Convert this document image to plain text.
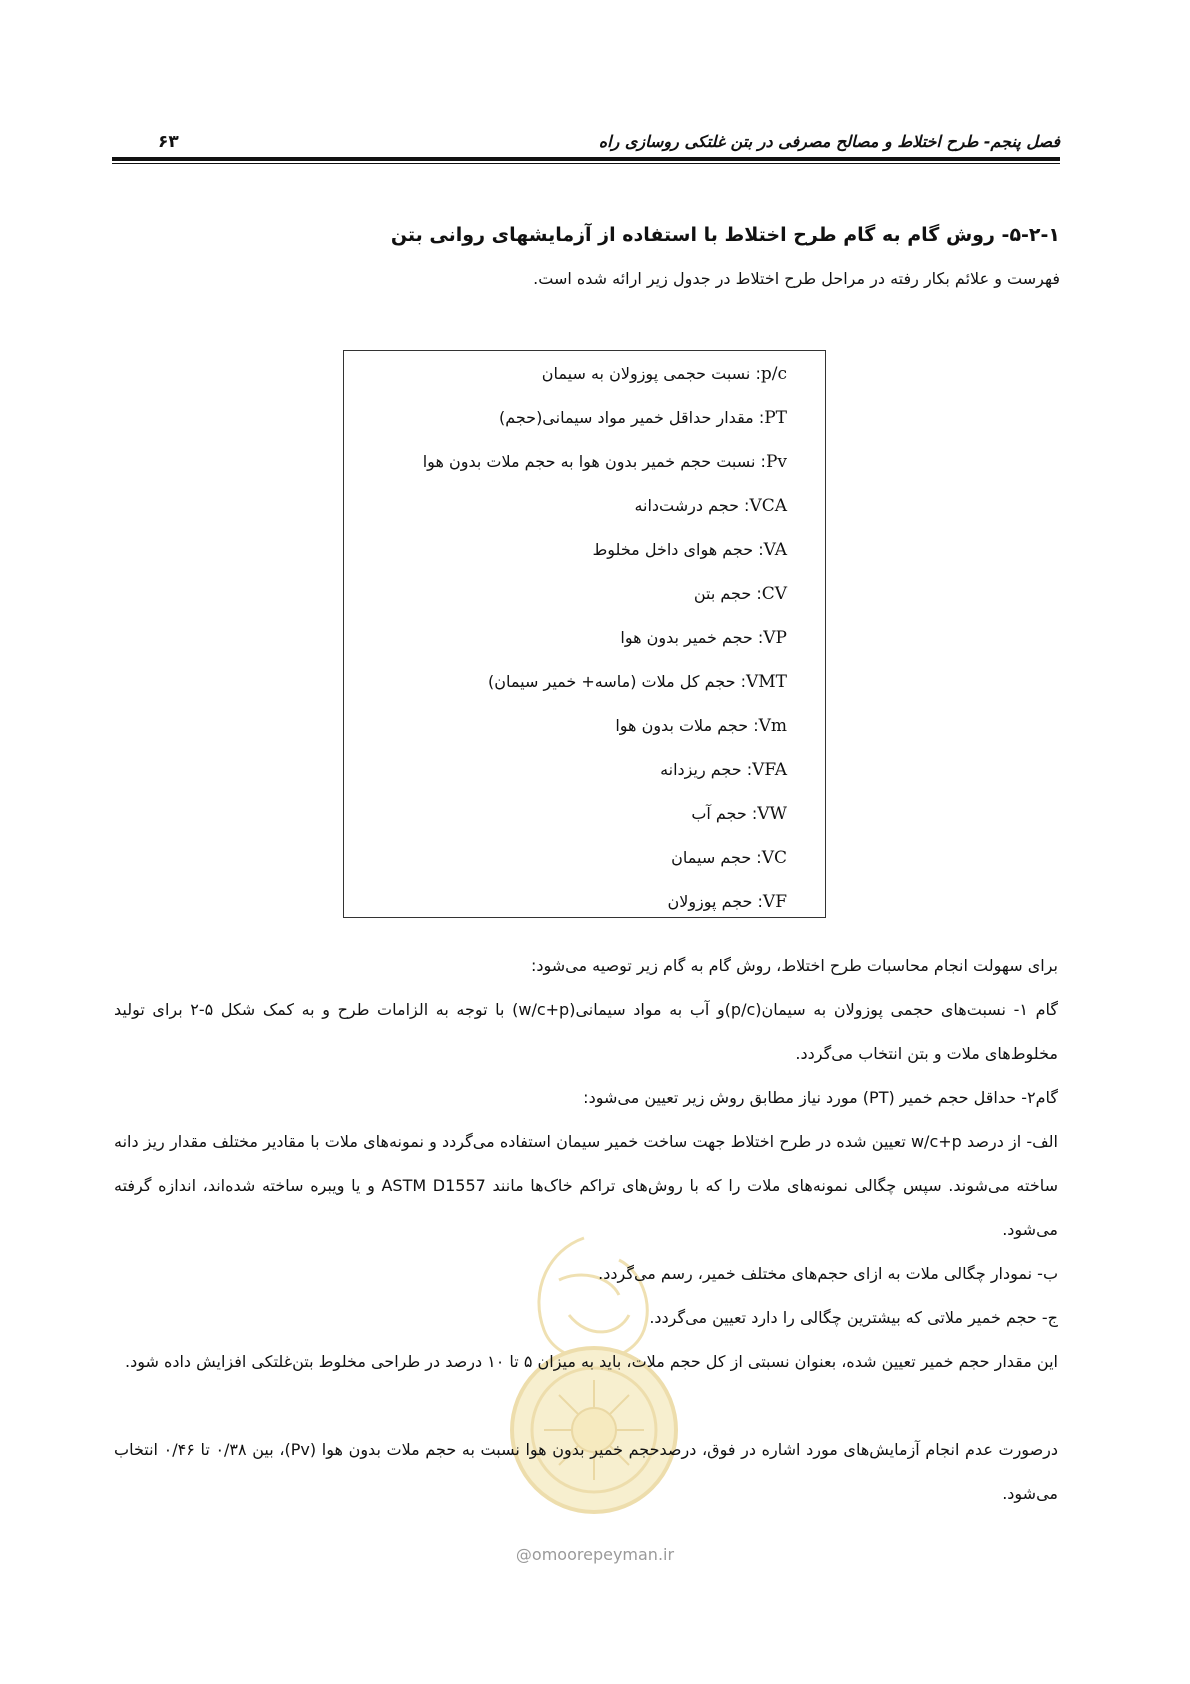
فصل پنجم- طرح اختلاط و مصالح مصرفی در بتن غلتکی روسازی راه
۶۳
۵-۲-۱- روش گام به گام طرح اختلاط با استفاده از آزمایشهای روانی بتن
فهرست و علائم بکار رفته در مراحل طرح اختلاط در جدول زیر ارائه شده است.
p/c: نسبت حجمی پوزولان به سیمان
PT: مقدار حداقل خمیر مواد سیمانی(حجم)
Pv: نسبت حجم خمیر بدون هوا به حجم ملات بدون هوا
VCA: حجم درشت‌دانه
VA: حجم هوای داخل مخلوط
CV: حجم بتن
VP: حجم خمیر بدون هوا
VMT: حجم کل ملات (ماسه+ خمیر سیمان)
Vm: حجم ملات بدون هوا
VFA: حجم ریزدانه
VW: حجم آب
VC: حجم سیمان
VF: حجم پوزولان

برای سهولت انجام محاسبات طرح اختلاط، روش گام به گام زیر توصیه می‌شود:

گام ۱- نسبت‌های حجمی پوزولان به سیمان(p/c)و آب به مواد سیمانی(w/c+p) با توجه به الزامات طرح و به کمک شکل ۵-۲ برای تولید مخلوط‌های ملات و بتن انتخاب می‌گردد.

گام۲- حداقل حجم خمیر (PT) مورد نیاز مطابق روش زیر تعیین می‌شود:

الف- از درصد w/c+p تعیین شده در طرح اختلاط جهت ساخت خمیر سیمان استفاده می‌گردد و نمونه‌های ملات با مقادیر مختلف مقدار ریز دانه ساخته می‌شوند. سپس چگالی نمونه‌های ملات را که با روش‌های تراکم خاک‌ها مانند ASTM D1557 و یا ویبره ساخته شده‌اند، اندازه گرفته می‌شود.

ب- نمودار چگالی ملات به ازای حجم‌های مختلف خمیر، رسم می‌گردد.

ج- حجم خمیر ملاتی که بیشترین چگالی را دارد تعیین می‌گردد.

این مقدار حجم خمیر تعیین شده، بعنوان نسبتی از کل حجم ملات، باید به میزان ۵ تا ۱۰ درصد در طراحی مخلوط بتن‌غلتکی افزایش داده شود.

درصورت عدم انجام آزمایش‌های مورد اشاره در فوق، درصدحجم خمیر بدون هوا نسبت به حجم ملات بدون هوا (Pv)، بین ۰/۳۸ تا ۰/۴۶ انتخاب می‌شود.

@omoorepeyman.ir
